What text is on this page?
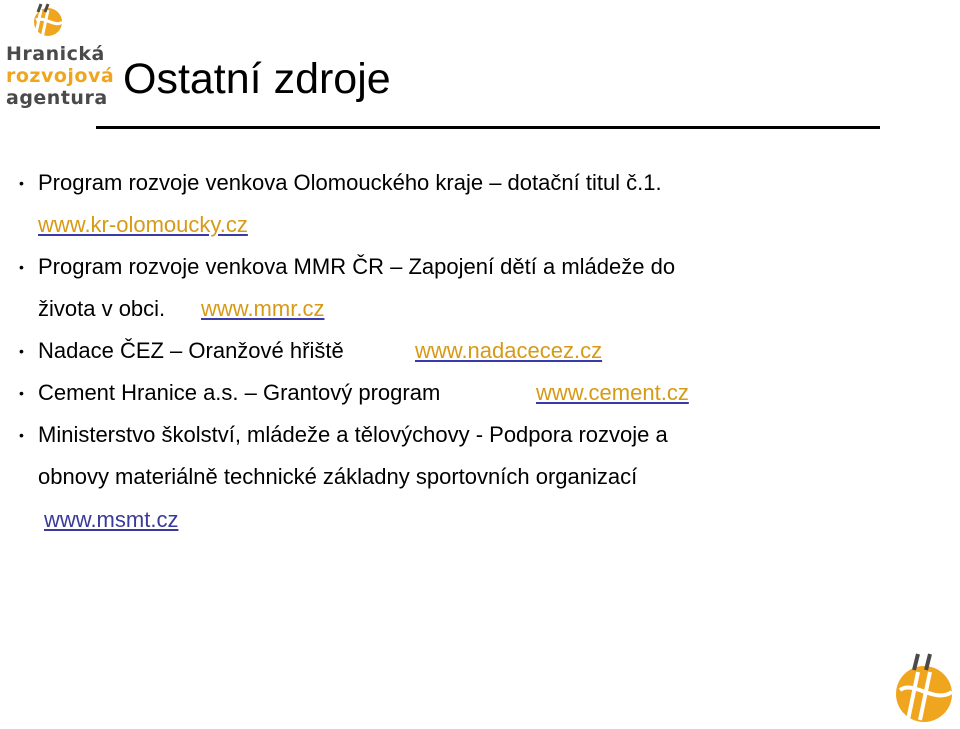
Hranická
rozvojová
agentura Ostatní zdroje
• Program rozvoje venkova Olomouckého kraje – dotační titul č.1.
www.kr-olomoucky.cz
• Program rozvoje venkova MMR ČR – Zapojení dětí a mládeže do
života v obci. www.mmr.cz
• Nadace ČEZ – Oranžové hřiště	www.nadacecez.cz
• Cement Hranice a.s. – Grantový program	www.cement.cz
• Ministerstvo školství, mládeže a tělovýchovy - Podpora rozvoje a
obnovy materiálně technické základny sportovních organizací
www.msmt.cz
